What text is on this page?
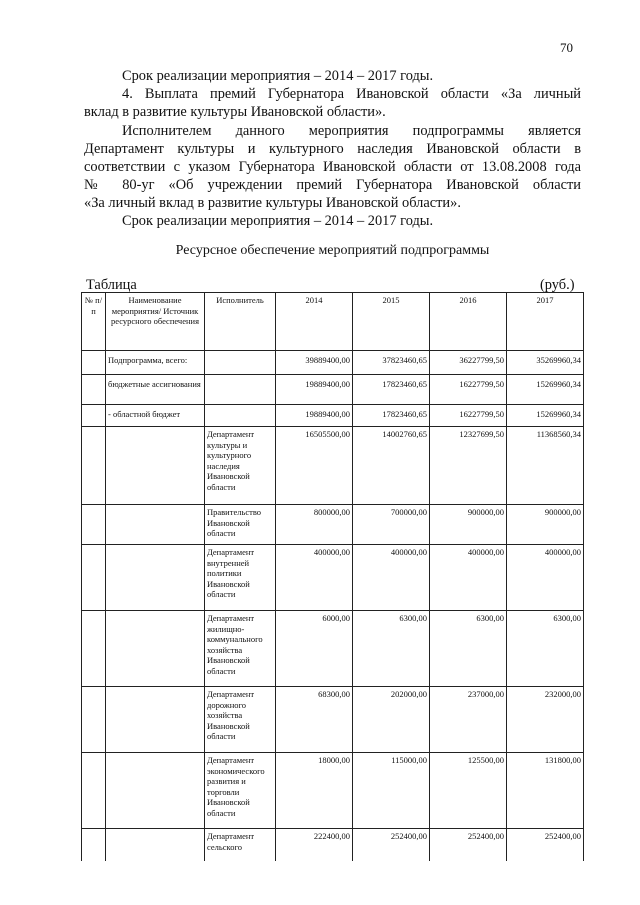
70
Срок реализации мероприятия – 2014 – 2017 годы.
4. Выплата премий Губернатора Ивановской области «За личный
вклад в развитие культуры Ивановской области».
Исполнителем данного мероприятия подпрограммы является
Департамент культуры и культурного наследия Ивановской области в
соответствии с указом Губернатора Ивановской области от 13.08.2008 года
№ 80-уг «Об учреждении премий Губернатора Ивановской области
«За личный вклад в развитие культуры Ивановской области».
Срок реализации мероприятия – 2014 – 2017 годы.
Ресурсное обеспечение мероприятий подпрограммы
Таблица	(руб.)
№ п/п	Наименование мероприятия/ Источник ресурсного обеспечения	Исполнитель	2014	2015	2016	2017
	Подпрограмма, всего:		39889400,00	37823460,65	36227799,50	35269960,34
	бюджетные ассигнования		19889400,00	17823460,65	16227799,50	15269960,34
	- областной бюджет		19889400,00	17823460,65	16227799,50	15269960,34
		Департамент культуры и культурного наследия Ивановской области	16505500,00	14002760,65	12327699,50	11368560,34
		Правительство Ивановской области	800000,00	700000,00	900000,00	900000,00
		Департамент внутренней политики Ивановской области	400000,00	400000,00	400000,00	400000,00
		Департамент жилищно-коммунального хозяйства Ивановской области	6000,00	6300,00	6300,00	6300,00
		Департамент дорожного хозяйства Ивановской области	68300,00	202000,00	237000,00	232000,00
		Департамент экономического развития и торговли Ивановской области	18000,00	115000,00	125500,00	131800,00
		Департамент сельского	222400,00	252400,00	252400,00	252400,00
